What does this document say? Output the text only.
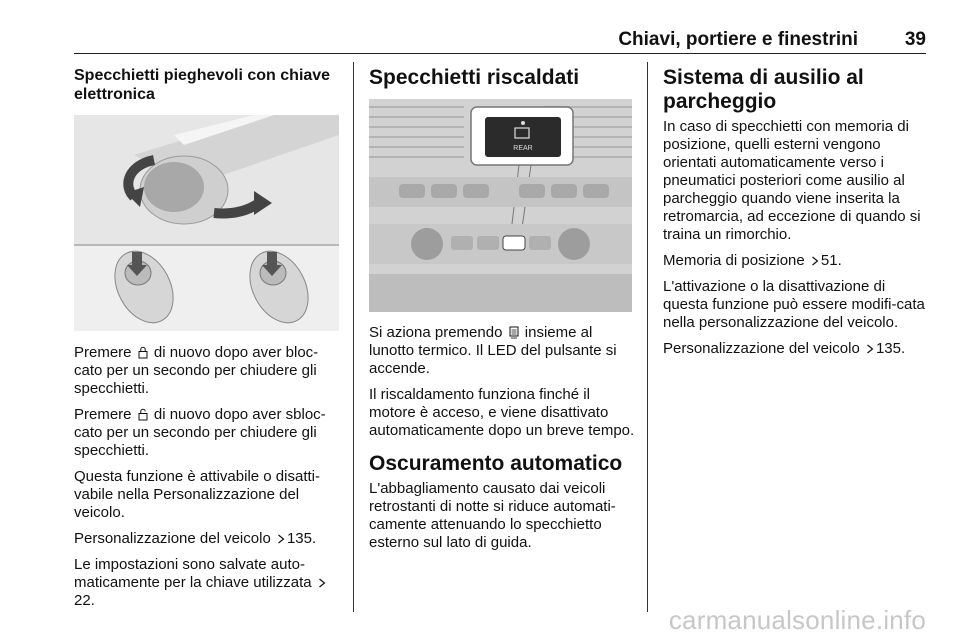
Chiavi, portiere e finestrini 39
Specchietti pieghevoli con chiave elettronica

Premere di nuovo dopo aver bloc-cato per un secondo per chiudere gli specchietti.

Premere di nuovo dopo aver sbloc-cato per un secondo per chiudere gli specchietti.

Questa funzione è attivabile o disatti-vabile nella Personalizzazione del veicolo.

Personalizzazione del veicolo 135.

Le impostazioni sono salvate auto-maticamente per la chiave utilizzata 22.

Specchietti riscaldati
REAR

Si aziona premendo insieme al lunotto termico. Il LED del pulsante si accende.

Il riscaldamento funziona finché il motore è acceso, e viene disattivato automaticamente dopo un breve tempo.

Oscuramento automatico

L'abbagliamento causato dai veicoli retrostanti di notte si riduce automati-camente attenuando lo specchietto esterno sul lato di guida.

Sistema di ausilio al parcheggio

In caso di specchietti con memoria di posizione, quelli esterni vengono orientati automaticamente verso i pneumatici posteriori come ausilio al parcheggio quando viene inserita la retromarcia, ad eccezione di quando si traina un rimorchio.

Memoria di posizione 51.

L'attivazione o la disattivazione di questa funzione può essere modifi-cata nella personalizzazione del veicolo.

Personalizzazione del veicolo 135.

carmanualsonline.info
